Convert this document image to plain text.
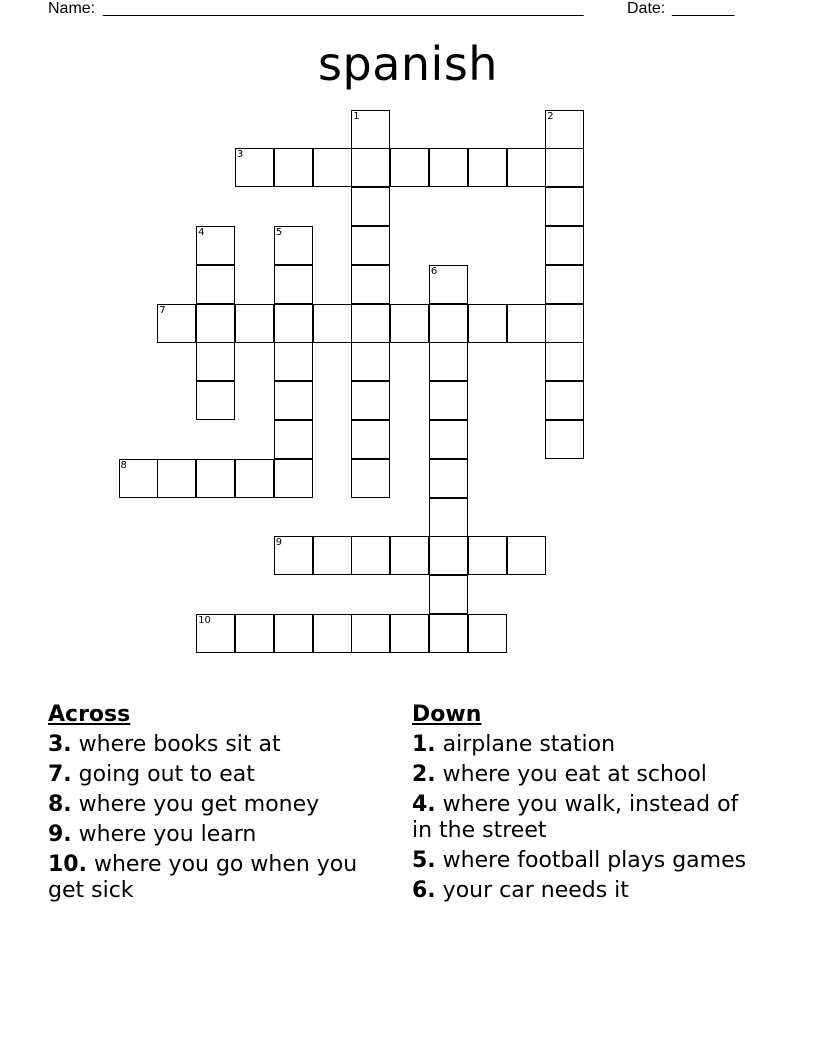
Name: ______________________________________________________	Date: _______
spanish
1	2
3
4	5
6
7
8
9
10
Across
3. where books sit at
7. going out to eat
8. where you get money
9. where you learn
10. where you go when you get sick
Down
1. airplane station
2. where you eat at school
4. where you walk, instead of in the street
5. where football plays games
6. your car needs it
